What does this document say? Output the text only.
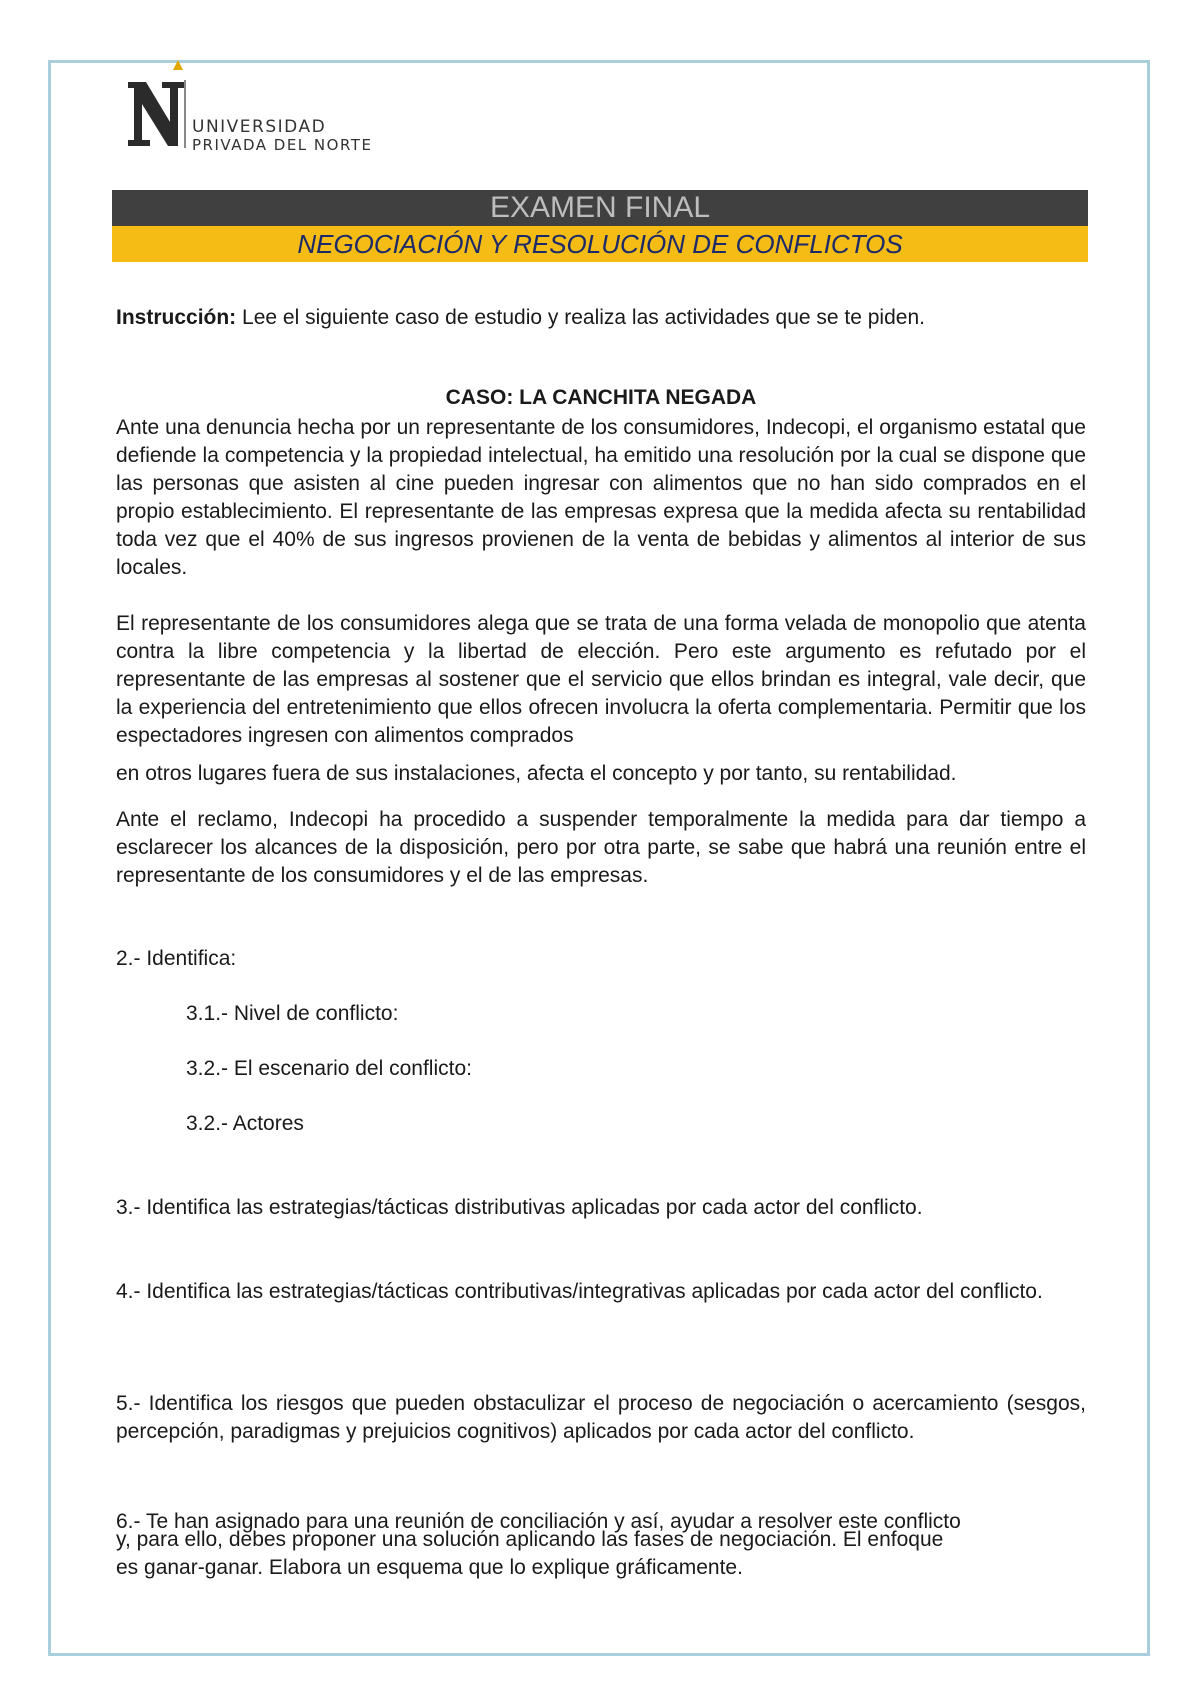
UNIVERSIDAD
PRIVADA DEL NORTE
EXAMEN FINAL
NEGOCIACIÓN Y RESOLUCIÓN DE CONFLICTOS
Instrucción: Lee el siguiente caso de estudio y realiza las actividades que se te piden.
CASO: LA CANCHITA NEGADA
Ante una denuncia hecha por un representante de los consumidores, Indecopi, el organismo estatal que defiende la competencia y la propiedad intelectual, ha emitido una resolución por la cual se dispone que las personas que asisten al cine pueden ingresar con alimentos que no han sido comprados en el propio establecimiento. El representante de las empresas expresa que la medida afecta su rentabilidad toda vez que el 40% de sus ingresos provienen de la venta de bebidas y alimentos al interior de sus locales.
El representante de los consumidores alega que se trata de una forma velada de monopolio que atenta contra la libre competencia y la libertad de elección. Pero este argumento es refutado por el representante de las empresas al sostener que el servicio que ellos brindan es integral, vale decir, que la experiencia del entretenimiento que ellos ofrecen involucra la oferta complementaria. Permitir que los espectadores ingresen con alimentos comprados
en otros lugares fuera de sus instalaciones, afecta el concepto y por tanto, su rentabilidad.
Ante el reclamo, Indecopi ha procedido a suspender temporalmente la medida para dar tiempo a esclarecer los alcances de la disposición, pero por otra parte, se sabe que habrá una reunión entre el representante de los consumidores y el de las empresas.
2.- Identifica:
3.1.- Nivel de conflicto:
3.2.- El escenario del conflicto:
3.2.- Actores
3.- Identifica las estrategias/tácticas distributivas aplicadas por cada actor del conflicto.
4.- Identifica las estrategias/tácticas contributivas/integrativas aplicadas por cada actor del conflicto.
5.- Identifica los riesgos que pueden obstaculizar el proceso de negociación o acercamiento (sesgos, percepción, paradigmas y prejuicios cognitivos) aplicados por cada actor del conflicto.
6.- Te han asignado para una reunión de conciliación y así, ayudar a resolver este conflicto
y, para ello, debes proponer una solución aplicando las fases de negociación. El enfoque
es ganar-ganar. Elabora un esquema que lo explique gráficamente.
